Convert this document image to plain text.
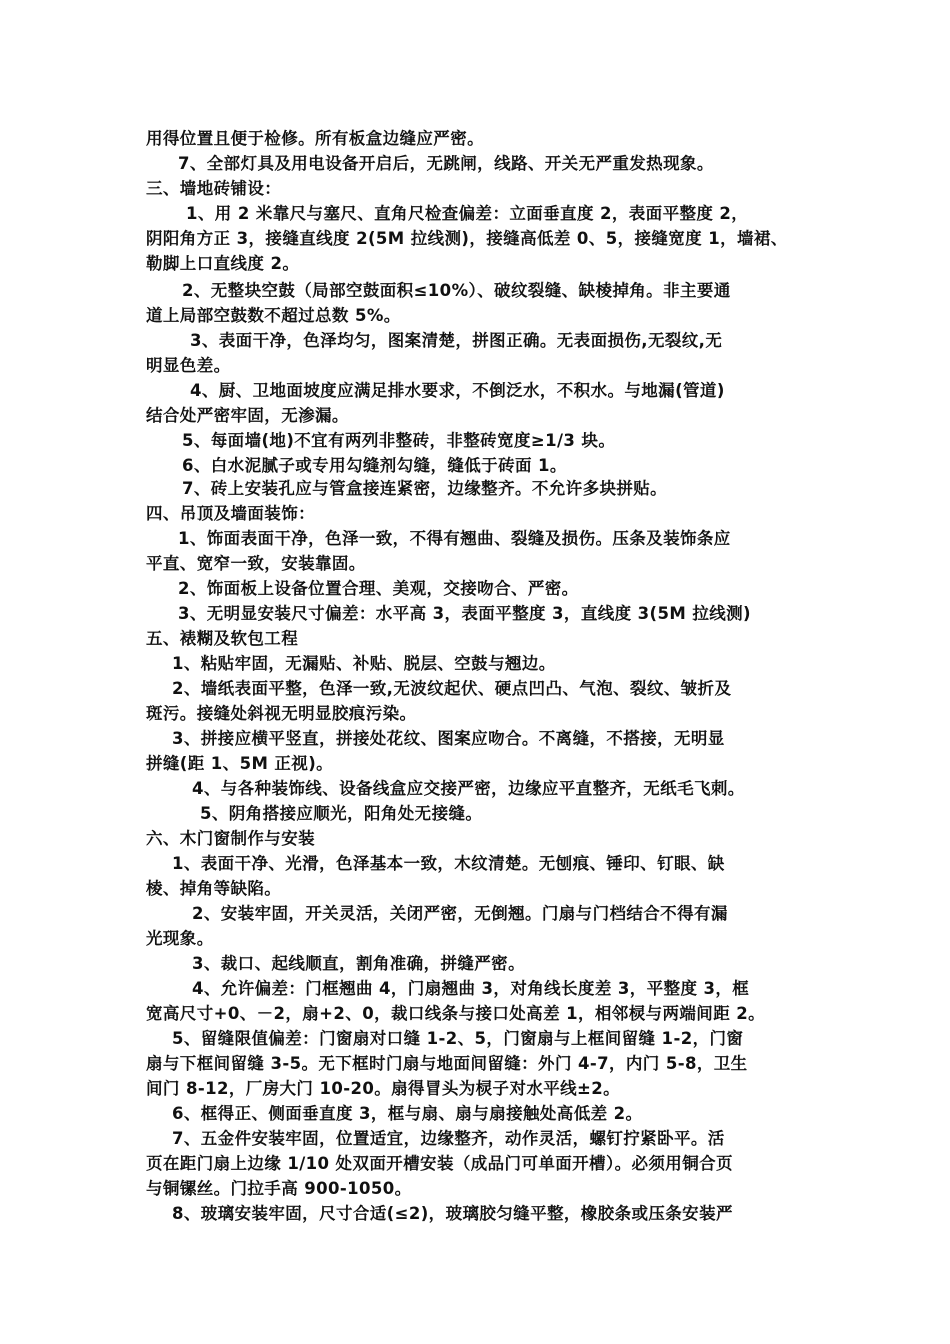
用得位置且便于检修。所有板盒边缝应严密。

7、全部灯具及用电设备开启后，无跳闸，线路、开关无严重发热现象。

三、墙地砖铺设：

1、用 2 米靠尺与塞尺、直角尺检查偏差：立面垂直度 2，表面平整度 2，

阴阳角方正 3，接缝直线度 2(5M 拉线测)，接缝高低差 0、5，接缝宽度 1，墙裙、

勒脚上口直线度 2。

2、无整块空鼓（局部空鼓面积≤10%）、破纹裂缝、缺棱掉角。非主要通

道上局部空鼓数不超过总数 5%。

3、表面干净，色泽均匀，图案清楚，拼图正确。无表面损伤,无裂纹,无

明显色差。

4、厨、卫地面坡度应满足排水要求，不倒泛水，不积水。与地漏(管道)

结合处严密牢固，无渗漏。

5、每面墙(地)不宜有两列非整砖，非整砖宽度≥1/3 块。

6、白水泥腻子或专用勾缝剂勾缝，缝低于砖面 1。

7、砖上安装孔应与管盒接连紧密，边缘整齐。不允许多块拼贴。

四、吊顶及墙面装饰：

1、饰面表面干净，色泽一致，不得有翘曲、裂缝及损伤。压条及装饰条应

平直、宽窄一致，安装靠固。

2、饰面板上设备位置合理、美观，交接吻合、严密。

3、无明显安装尺寸偏差：水平高 3，表面平整度 3，直线度 3(5M 拉线测)

五、裱糊及软包工程

1、粘贴牢固，无漏贴、补贴、脱层、空鼓与翘边。

2、墙纸表面平整，色泽一致,无波纹起伏、硬点凹凸、气泡、裂纹、皱折及

斑污。接缝处斜视无明显胶痕污染。

3、拼接应横平竖直，拼接处花纹、图案应吻合。不离缝，不搭接，无明显

拼缝(距 1、5M 正视)。

4、与各种装饰线、设备线盒应交接严密，边缘应平直整齐，无纸毛飞刺。

5、阴角搭接应顺光，阳角处无接缝。

六、木门窗制作与安装

1、表面干净、光滑，色泽基本一致，木纹清楚。无刨痕、锤印、钉眼、缺

棱、掉角等缺陷。

2、安装牢固，开关灵活，关闭严密，无倒翘。门扇与门档结合不得有漏

光现象。

3、裁口、起线顺直，割角准确，拼缝严密。

4、允许偏差：门框翘曲 4，门扇翘曲 3，对角线长度差 3，平整度 3，框

宽高尺寸+0、－2，扇+2、0，裁口线条与接口处高差 1，相邻棂与两端间距 2。

5、留缝限值偏差：门窗扇对口缝 1-2、5，门窗扇与上框间留缝 1-2，门窗

扇与下框间留缝 3-5。无下框时门扇与地面间留缝：外门 4-7，内门 5-8，卫生

间门 8-12，厂房大门 10-20。扇得冒头为棂子对水平线±2。

6、框得正、侧面垂直度 3，框与扇、扇与扇接触处高低差 2。

7、五金件安装牢固，位置适宜，边缘整齐，动作灵活，螺钉拧紧卧平。活

页在距门扇上边缘 1/10 处双面开槽安装（成品门可单面开槽）。必须用铜合页

与铜镙丝。门拉手高 900-1050。

8、玻璃安装牢固，尺寸合适(≤2)，玻璃胶匀缝平整，橡胶条或压条安装严
